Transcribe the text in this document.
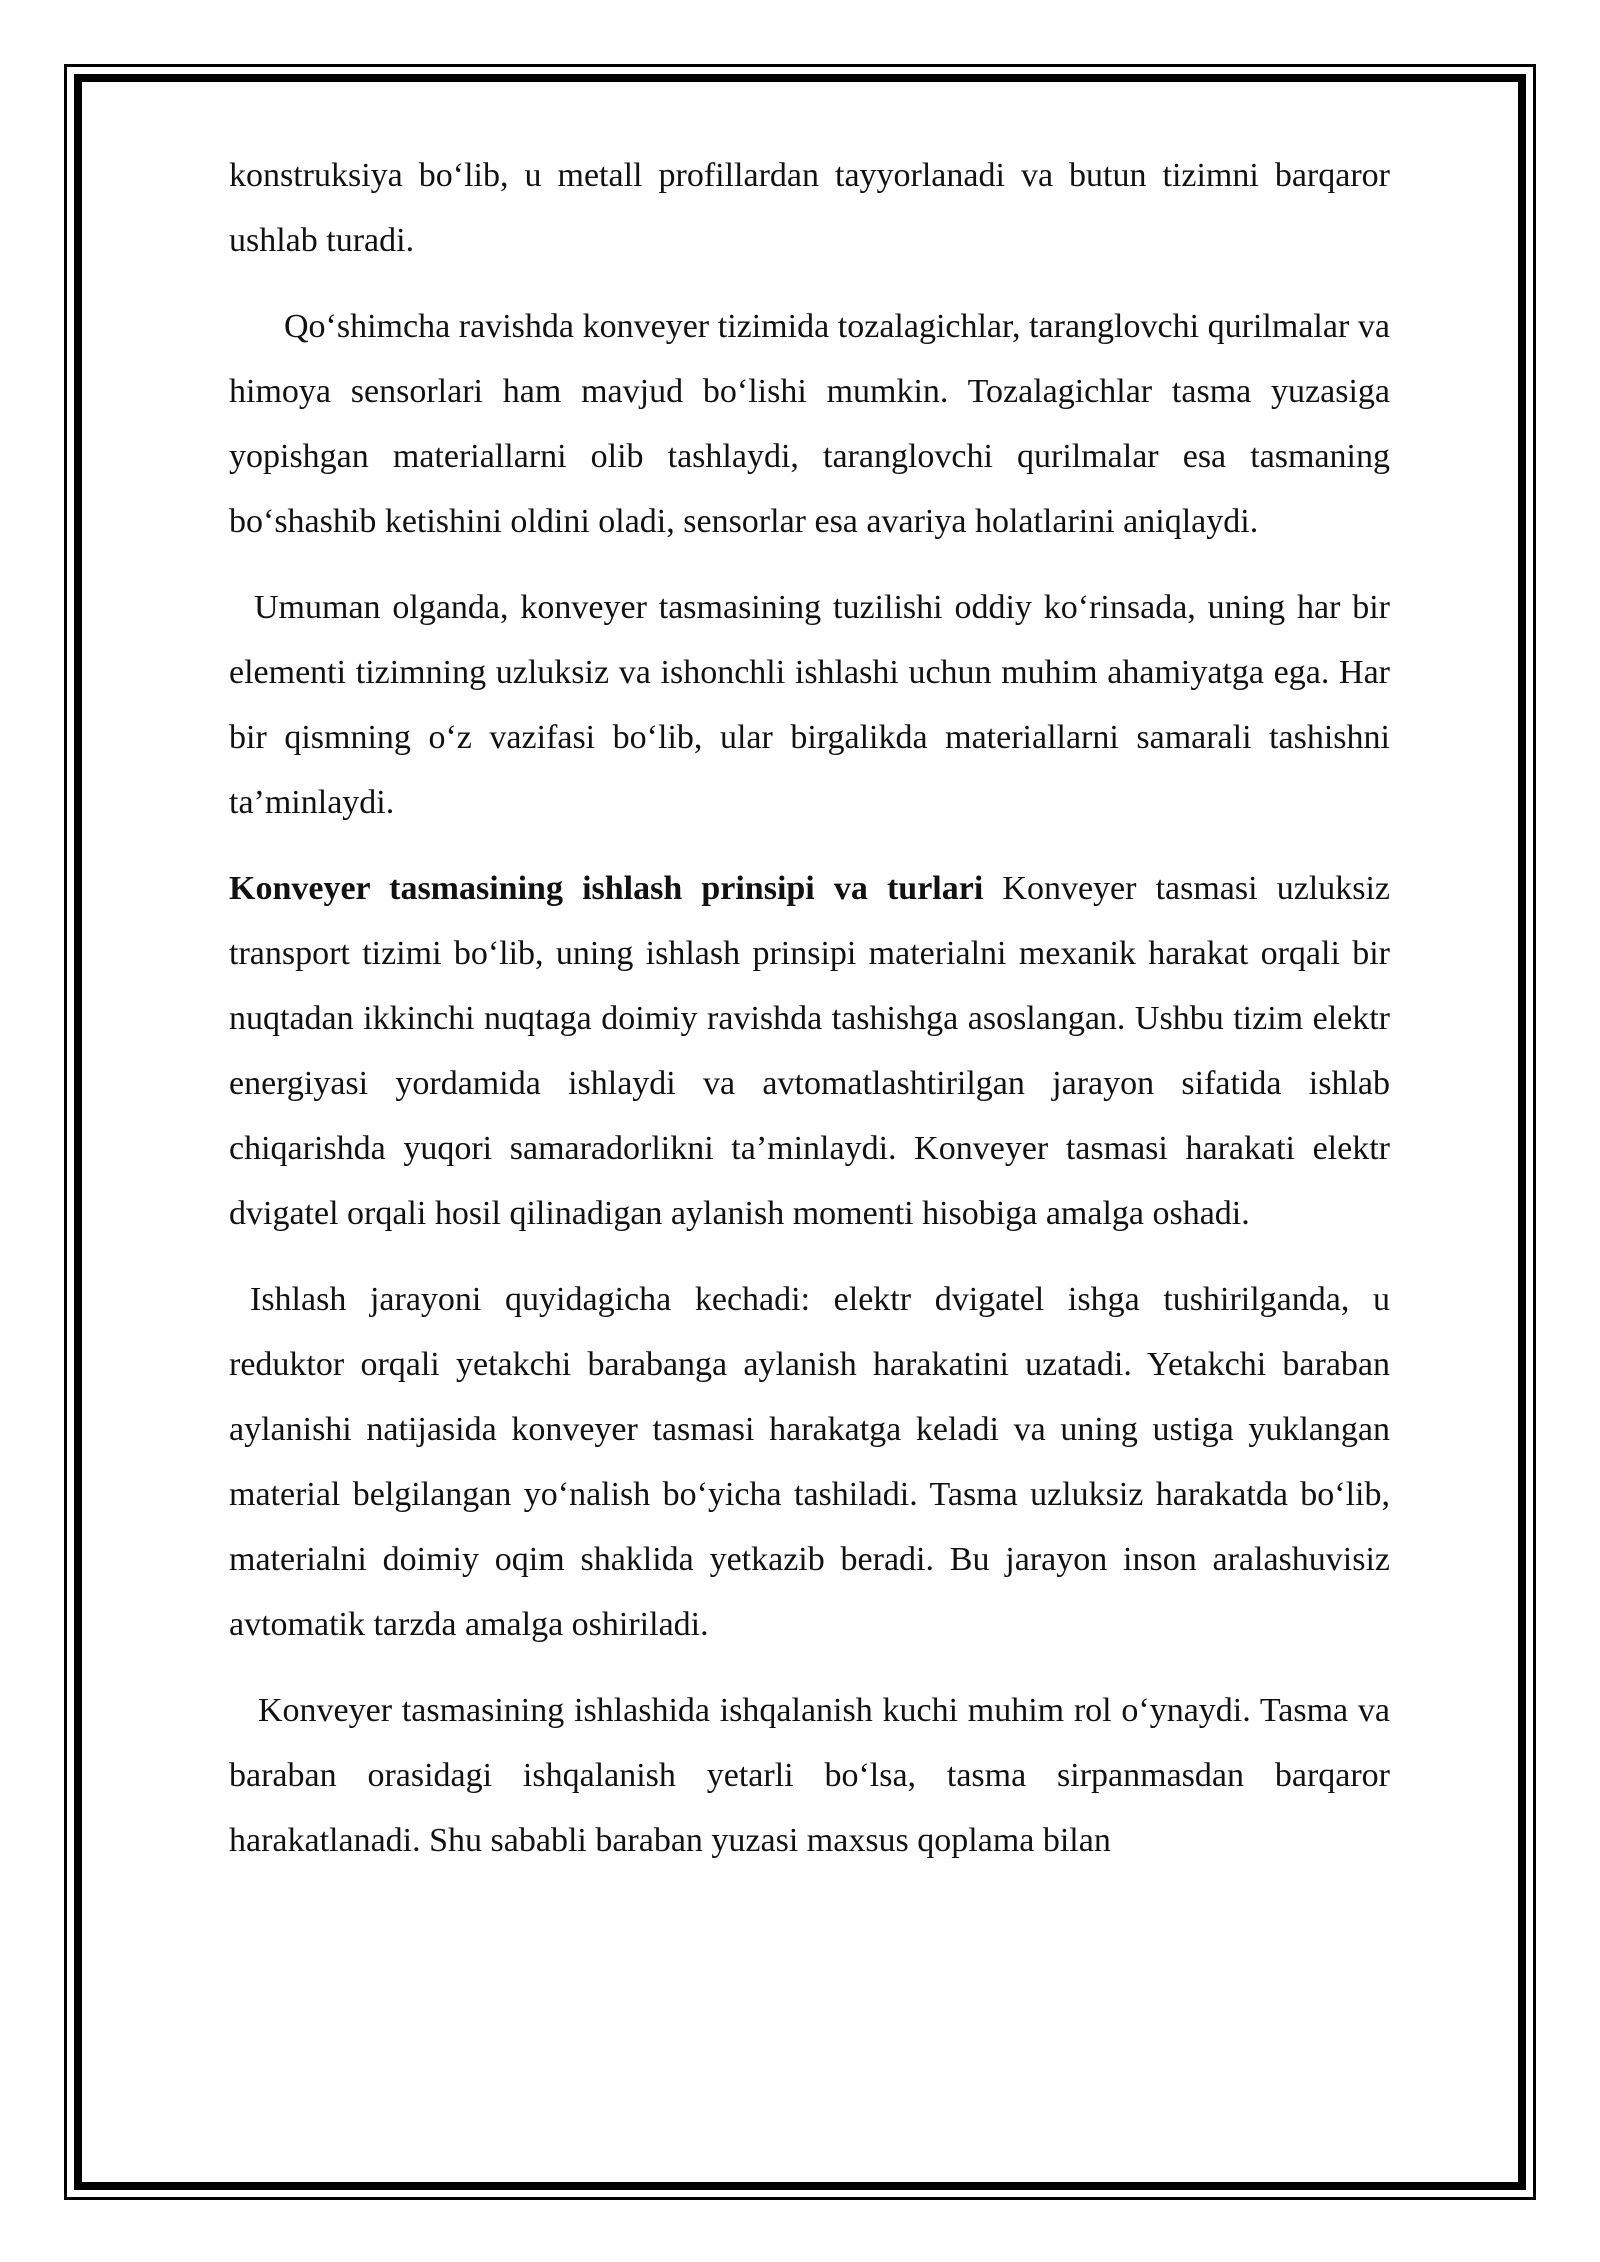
konstruksiya bo‘lib, u metall profillardan tayyorlanadi va butun tizimni barqaror ushlab turadi.

Qo‘shimcha ravishda konveyer tizimida tozalagichlar, taranglovchi qurilmalar va himoya sensorlari ham mavjud bo‘lishi mumkin. Tozalagichlar tasma yuzasiga yopishgan materiallarni olib tashlaydi, taranglovchi qurilmalar esa tasmaning bo‘shashib ketishini oldini oladi, sensorlar esa avariya holatlarini aniqlaydi.

Umuman olganda, konveyer tasmasining tuzilishi oddiy ko‘rinsada, uning har bir elementi tizimning uzluksiz va ishonchli ishlashi uchun muhim ahamiyatga ega. Har bir qismning o‘z vazifasi bo‘lib, ular birgalikda materiallarni samarali tashishni ta’minlaydi.

Konveyer tasmasining ishlash prinsipi va turlari Konveyer tasmasi uzluksiz transport tizimi bo‘lib, uning ishlash prinsipi materialni mexanik harakat orqali bir nuqtadan ikkinchi nuqtaga doimiy ravishda tashishga asoslangan. Ushbu tizim elektr energiyasi yordamida ishlaydi va avtomatlashtirilgan jarayon sifatida ishlab chiqarishda yuqori samaradorlikni ta’minlaydi. Konveyer tasmasi harakati elektr dvigatel orqali hosil qilinadigan aylanish momenti hisobiga amalga oshadi.

Ishlash jarayoni quyidagicha kechadi: elektr dvigatel ishga tushirilganda, u reduktor orqali yetakchi barabanga aylanish harakatini uzatadi. Yetakchi baraban aylanishi natijasida konveyer tasmasi harakatga keladi va uning ustiga yuklangan material belgilangan yo‘nalish bo‘yicha tashiladi. Tasma uzluksiz harakatda bo‘lib, materialni doimiy oqim shaklida yetkazib beradi. Bu jarayon inson aralashuvisiz avtomatik tarzda amalga oshiriladi.

Konveyer tasmasining ishlashida ishqalanish kuchi muhim rol o‘ynaydi. Tasma va baraban orasidagi ishqalanish yetarli bo‘lsa, tasma sirpanmasdan barqaror harakatlanadi. Shu sababli baraban yuzasi maxsus qoplama bilan
